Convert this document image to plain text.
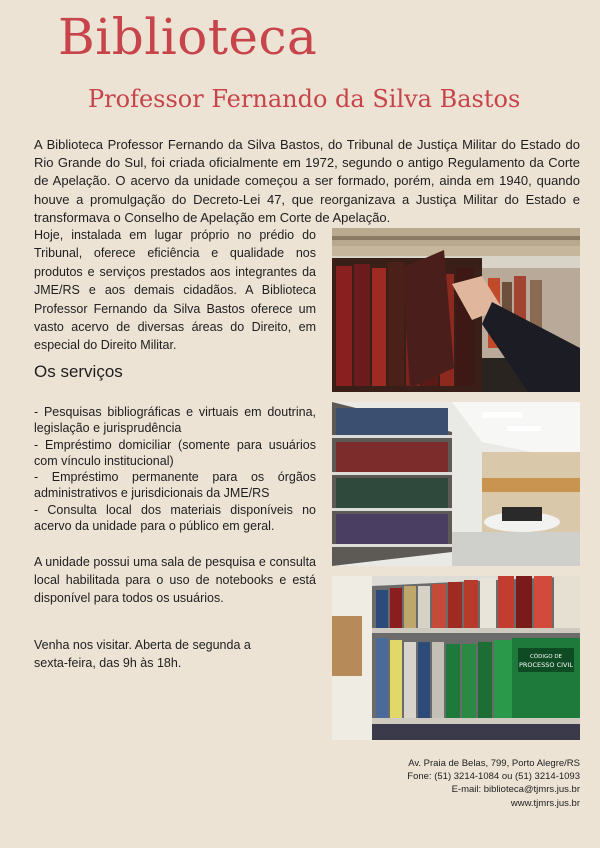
Biblioteca
Professor Fernando da Silva Bastos

A Biblioteca Professor Fernando da Silva Bastos, do Tribunal de Justiça Militar do Estado do Rio Grande do Sul, foi criada oficialmente em 1972, segundo o antigo Regulamento da Corte de Apelação. O acervo da unidade começou a ser formado, porém, ainda em 1940, quando houve a promulgação do Decreto-Lei 47, que reorganizava a Justiça Militar do Estado e transformava o Conselho de Apelação em Corte de Apelação.

Hoje, instalada em lugar próprio no prédio do Tribunal, oferece eficiência e qualidade nos produtos e serviços prestados aos integrantes da JME/RS e aos demais cidadãos. A Biblioteca Professor Fernando da Silva Bastos oferece um vasto acervo de diversas áreas do Direito, em especial do Direito Militar.

Os serviços
- Pesquisas bibliográficas e virtuais em doutrina, legislação e jurisprudência
- Empréstimo domiciliar (somente para usuários com vínculo institucional)
- Empréstimo permanente para os órgãos administrativos e jurisdicionais da JME/RS
- Consulta local dos materiais disponíveis no acervo da unidade para o público em geral.

A unidade possui uma sala de pesquisa e consulta local habilitada para o uso de notebooks e está disponível para todos os usuários.

Venha nos visitar. Aberta de segunda a sexta-feira, das 9h às 18h.	CÓDIGO DE
PROCESSO CIVIL
Av. Praia de Belas, 799, Porto Alegre/RS
Fone: (51) 3214-1084 ou (51) 3214-1093
E-mail: biblioteca@tjmrs.jus.br
www.tjmrs.jus.br
